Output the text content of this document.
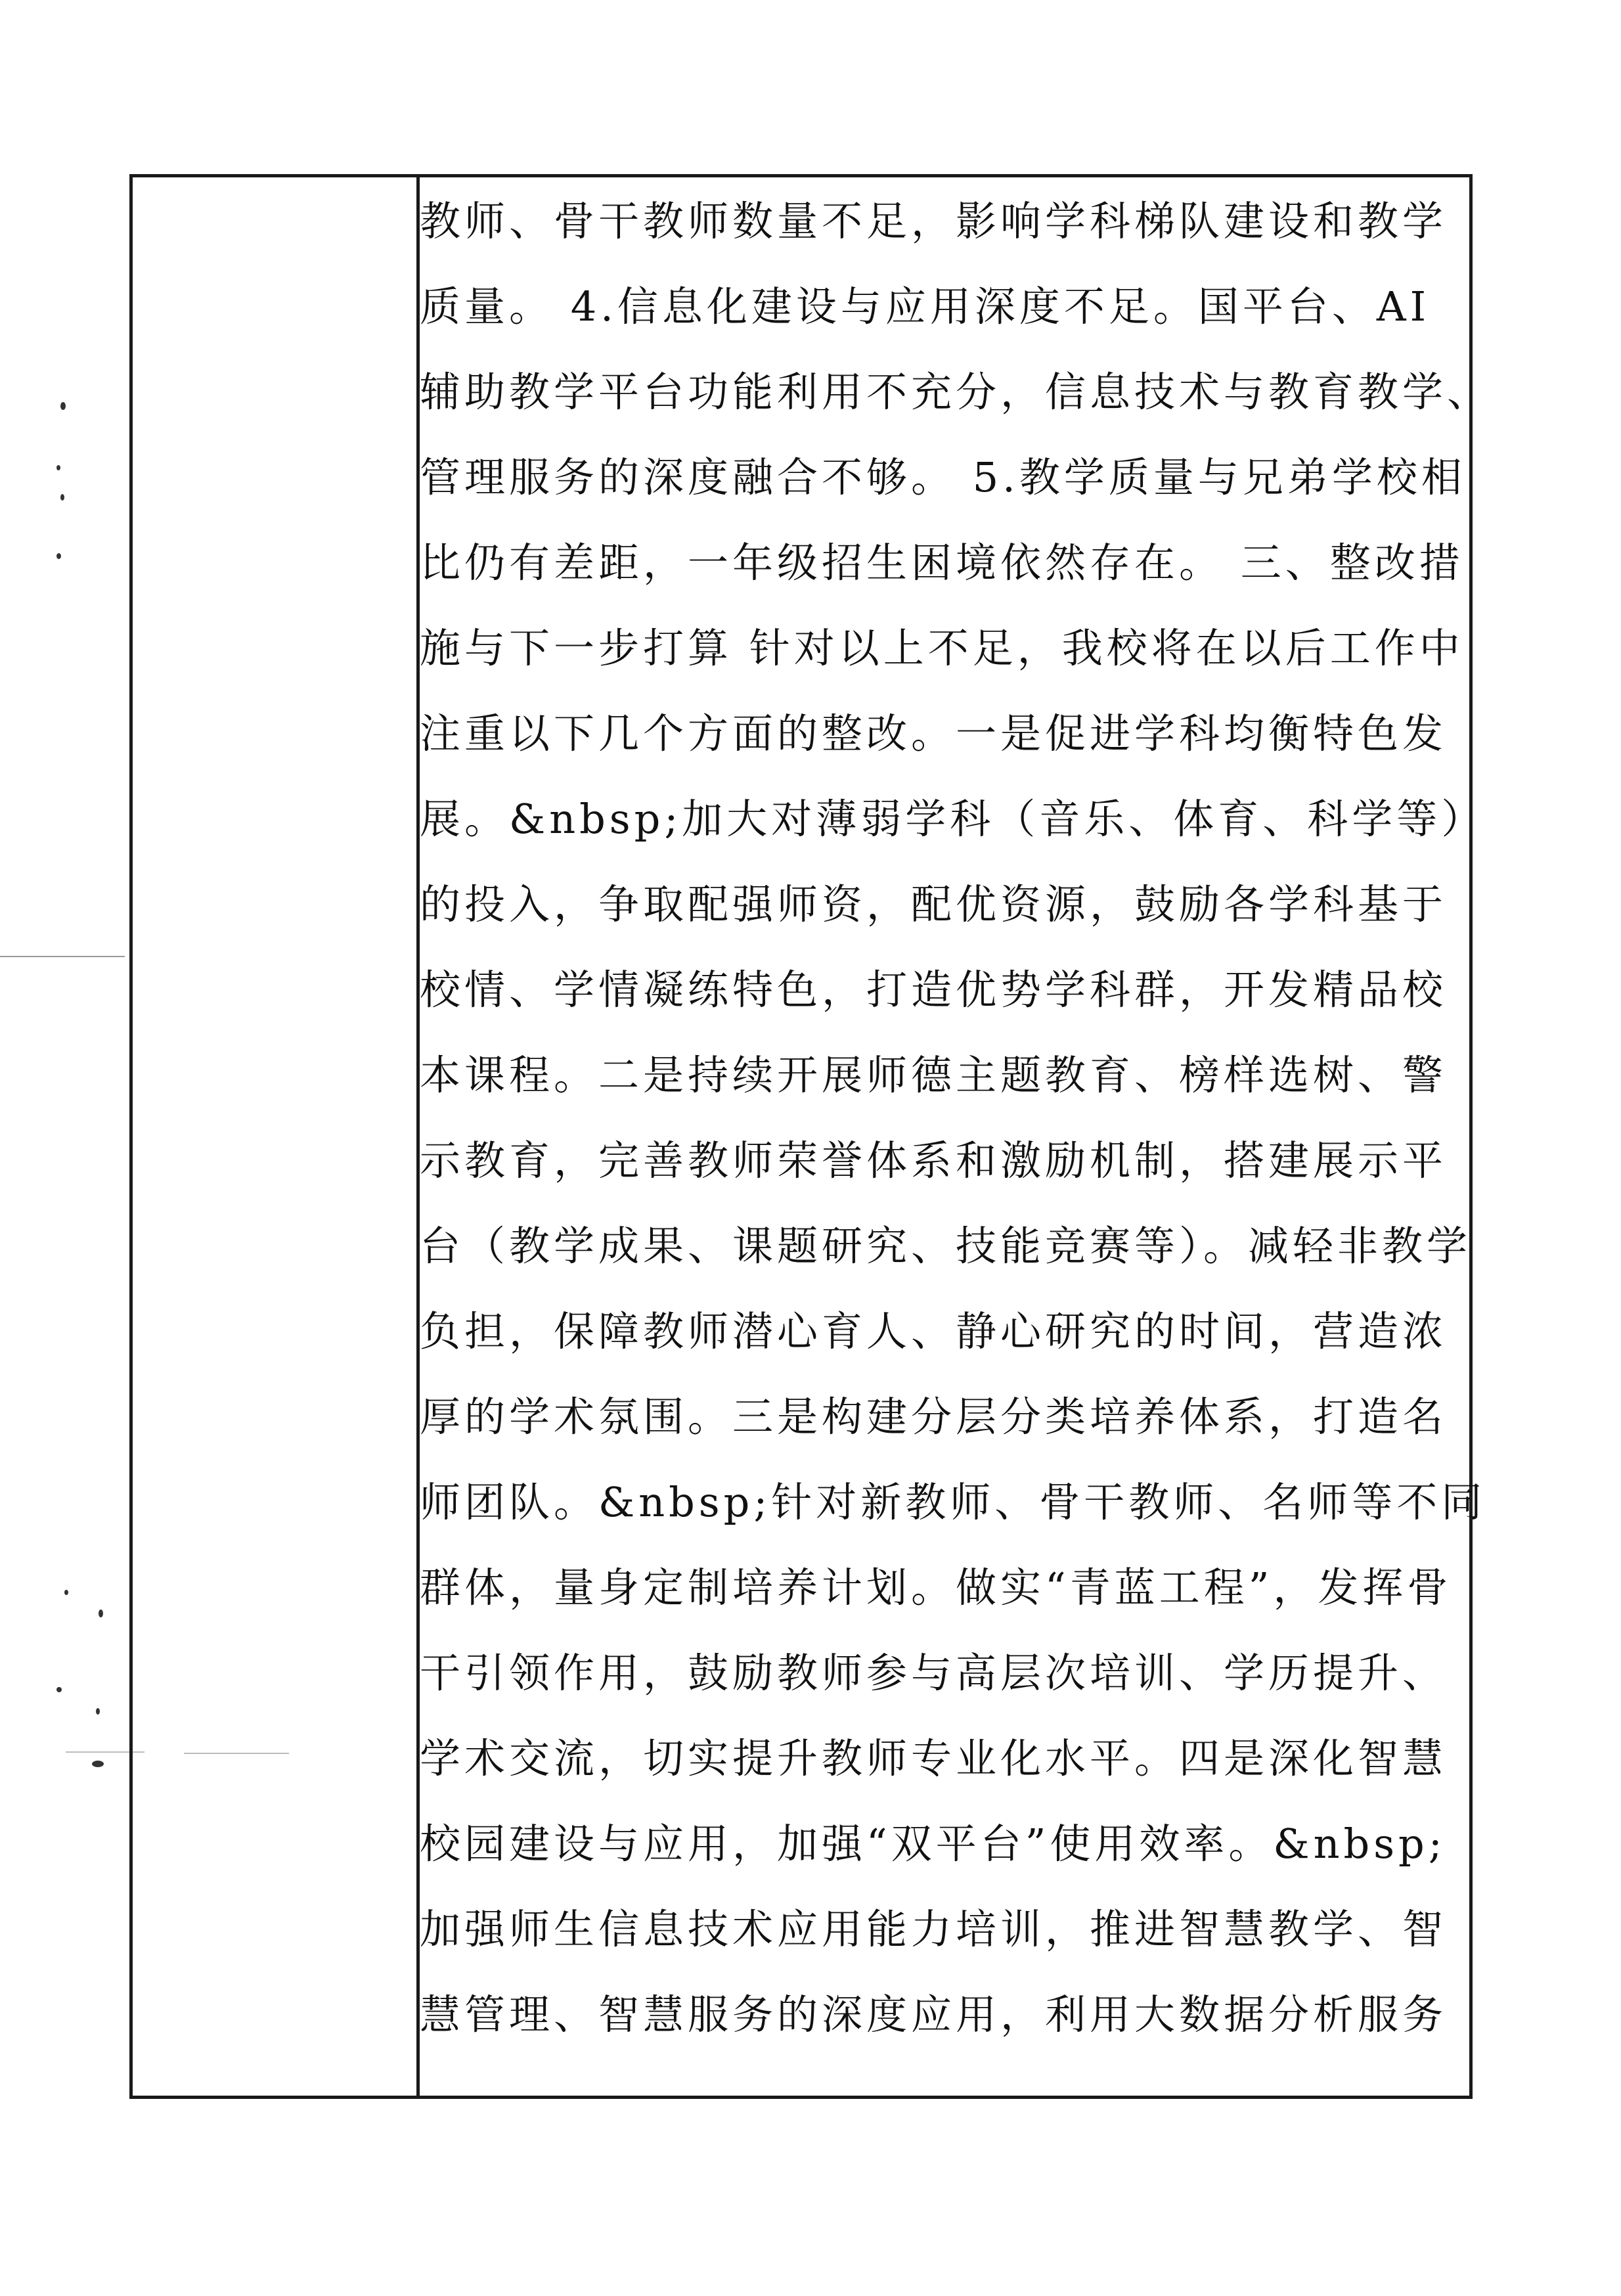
教师、骨干教师数量不足，影响学科梯队建设和教学
质量。 4.信息化建设与应用深度不足。国平台、AI
辅助教学平台功能利用不充分，信息技术与教育教学、
管理服务的深度融合不够。 5.教学质量与兄弟学校相
比仍有差距，一年级招生困境依然存在。 三、整改措
施与下一步打算 针对以上不足，我校将在以后工作中
注重以下几个方面的整改。一是促进学科均衡特色发
展。&nbsp;加大对薄弱学科（音乐、体育、科学等）
的投入，争取配强师资，配优资源，鼓励各学科基于
校情、学情凝练特色，打造优势学科群，开发精品校
本课程。二是持续开展师德主题教育、榜样选树、警
示教育，完善教师荣誉体系和激励机制，搭建展示平
台（教学成果、课题研究、技能竞赛等）。减轻非教学
负担，保障教师潜心育人、静心研究的时间，营造浓
厚的学术氛围。三是构建分层分类培养体系，打造名
师团队。&nbsp;针对新教师、骨干教师、名师等不同
群体，量身定制培养计划。做实“青蓝工程”，发挥骨
干引领作用，鼓励教师参与高层次培训、学历提升、
学术交流，切实提升教师专业化水平。四是深化智慧
校园建设与应用，加强“双平台”使用效率。&nbsp;
加强师生信息技术应用能力培训，推进智慧教学、智
慧管理、智慧服务的深度应用，利用大数据分析服务
